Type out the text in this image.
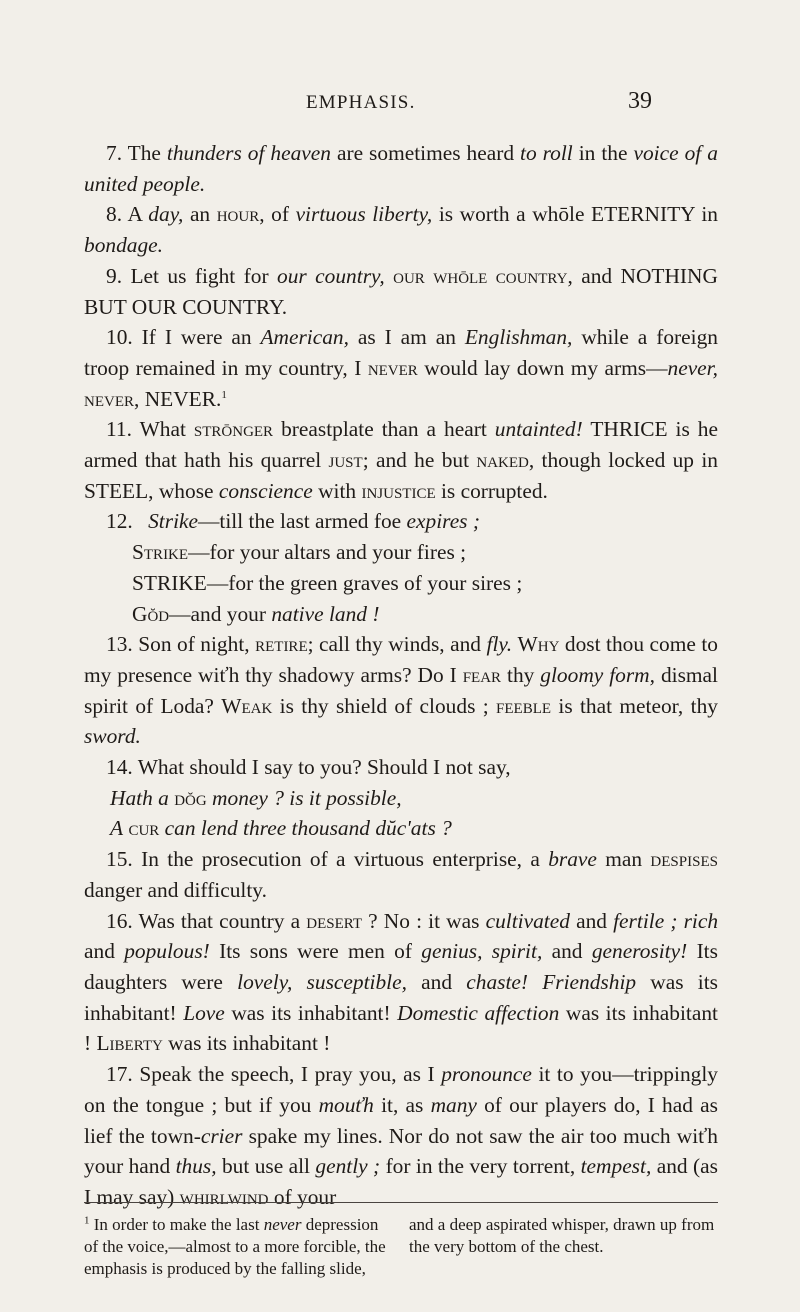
EMPHASIS.	39

7. The thunders of heaven are sometimes heard to roll in the voice of a united people.

8. A day, an hour, of virtuous liberty, is worth a whōle ETERNITY in bondage.

9. Let us fight for our country, our whōle country, and NOTHING BUT OUR COUNTRY.

10. If I were an American, as I am an Englishman, while a foreign troop remained in my country, I never would lay down my arms—never, never, NEVER.$^1$

11. What strōnger breastplate than a heart untainted! THRICE is he armed that hath his quarrel just; and he but naked, though locked up in STEEL, whose conscience with injustice is corrupted.

12. Strike—till the last armed foe expires ;

Strike—for your altars and your fires ;

STRIKE—for the green graves of your sires ;

Gŏd—and your native land !

13. Son of night, retire; call thy winds, and fly. Why dost thou come to my presence wiťh thy shadowy arms? Do I fear thy gloomy form, dismal spirit of Loda? Weak is thy shield of clouds ; feeble is that meteor, thy sword.

14. What should I say to you? Should I not say,

Hath a dŏg money ? is it possible,

A cur can lend three thousand dŭc'ats ?

15. In the prosecution of a virtuous enterprise, a brave man despises danger and difficulty.

16. Was that country a desert ? No : it was cultivated and fertile ; rich and populous! Its sons were men of genius, spirit, and generosity! Its daughters were lovely, susceptible, and chaste! Friendship was its inhabitant! Love was its inhabitant! Domestic affection was its inhabitant ! Liberty was its inhabitant !

17. Speak the speech, I pray you, as I pronounce it to you—trippingly on the tongue ; but if you mouťh it, as many of our players do, I had as lief the town-crier spake my lines. Nor do not saw the air too much wiťh your hand thus, but use all gently ; for in the very torrent, tempest, and (as I may say) whirlwind of your

$^1$ In order to make the last never depression of the voice,—almost to a more forcible, the emphasis is produced by the falling slide, and a deep aspirated whisper, drawn up from the very bottom of the chest.
